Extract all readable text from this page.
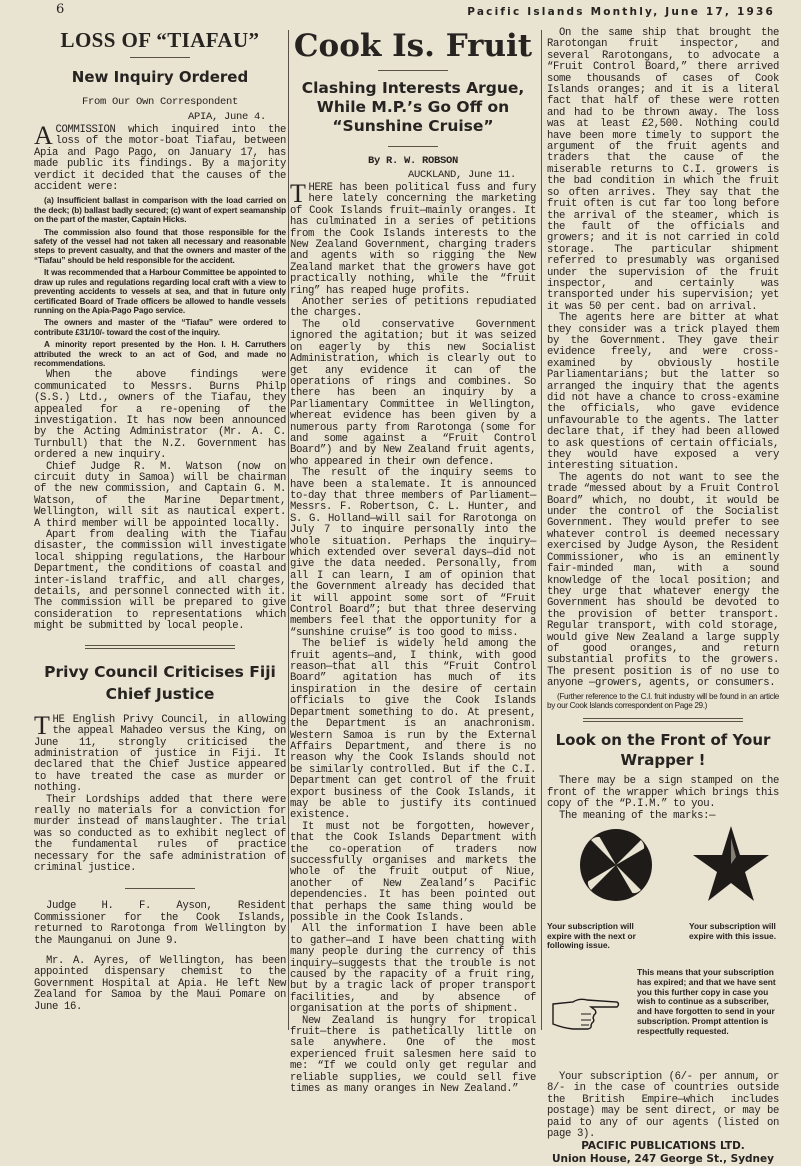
6	Pacific Islands Monthly, June 17, 1936
LOSS OF “TIAFAU”
New Inquiry Ordered
From Our Own Correspondent
APIA, June 4.

ACOMMISSION which inquired into the loss of the motor-boat Tiafau, between Apia and Pago Pago, on January 17, has made public its findings. By a majority verdict it decided that the causes of the accident were:

(a) Insufficient ballast in comparison with the load carried on the deck; (b) ballast badly secured; (c) want of expert seamanship on the part of the master, Captain Hicks.

The commission also found that those responsible for the safety of the vessel had not taken all necessary and reasonable steps to prevent casualty, and that the owners and master of the “Tiafau” should be held responsible for the accident.

It was recommended that a Harbour Committee be appointed to draw up rules and regulations regarding local craft with a view to preventing accidents to vessels at sea, and that in future only certificated Board of Trade officers be allowed to handle vessels running on the Apia-Pago Pago service.

The owners and master of the “Tiafau” were ordered to contribute £31/10/- toward the cost of the inquiry.

A minority report presented by the Hon. I. H. Carruthers attributed the wreck to an act of God, and made no recommendations.

When the above findings were communicated to Messrs. Burns Philp (S.S.) Ltd., owners of the Tiafau, they appealed for a re-opening of the investigation. It has now been announced by the Acting Administrator (Mr. A. C. Turnbull) that the N.Z. Government has ordered a new inquiry.

Chief Judge R. M. Watson (now on circuit duty in Samoa) will be chairman of the new commission, and Captain G. M. Watson, of the Marine Department, Wellington, will sit as nautical expert. A third member will be appointed locally.

Apart from dealing with the Tiafau disaster, the commission will investigate local shipping regulations, the Harbour Department, the conditions of coastal and inter-island traffic, and all charges, details, and personnel connected with it. The commission will be prepared to give consideration to representations which might be submitted by local people.

Privy Council Criticises Fiji Chief Justice

THE English Privy Council, in allowing the appeal Mahadeo versus the King, on June 11, strongly criticised the administration of justice in Fiji. It declared that the Chief Justice appeared to have treated the case as murder or nothing.

Their Lordships added that there were really no materials for a conviction for murder instead of manslaughter. The trial was so conducted as to exhibit neglect of the fundamental rules of practice necessary for the safe administration of criminal justice.

Judge H. F. Ayson, Resident Commissioner for the Cook Islands, returned to Rarotonga from Wellington by the Maunganui on June 9.

Mr. A. Ayres, of Wellington, has been appointed dispensary chemist to the Government Hospital at Apia. He left New Zealand for Samoa by the Maui Pomare on June 16.

Cook Is. Fruit
Clashing Interests Argue, While M.P.’s Go Off on “Sunshine Cruise”
By R. W. ROBSON
AUCKLAND, June 11.

THERE has been political fuss and fury here lately concerning the marketing of Cook Islands fruit—mainly oranges. It has culminated in a series of petitions from the Cook Islands interests to the New Zealand Government, charging traders and agents with so rigging the New Zealand market that the growers have got practically nothing, while the “fruit ring” has reaped huge profits.

Another series of petitions repudiated the charges.

The old conservative Government ignored the agitation; but it was seized on eagerly by this new Socialist Administration, which is clearly out to get any evidence it can of the operations of rings and combines. So there has been an inquiry by a Parliamentary Committee in Wellington, whereat evidence has been given by a numerous party from Rarotonga (some for and some against a “Fruit Control Board”) and by New Zealand fruit agents, who appeared in their own defence.

The result of the inquiry seems to have been a stalemate. It is announced to-day that three members of Parliament—Messrs. F. Robertson, C. L. Hunter, and S. G. Holland—will sail for Rarotonga on July 7 to inquire personally into the whole situation. Perhaps the inquiry—which extended over several days—did not give the data needed. Personally, from all I can learn, I am of opinion that the Government already has decided that it will appoint some sort of “Fruit Control Board”; but that three deserving members feel that the opportunity for a “sunshine cruise” is too good to miss.

The belief is widely held among the fruit agents—and, I think, with good reason—that all this “Fruit Control Board” agitation has much of its inspiration in the desire of certain officials to give the Cook Islands Department something to do. At present, the Department is an anachronism. Western Samoa is run by the External Affairs Department, and there is no reason why the Cook Islands should not be similarly controlled. But if the C.I. Department can get control of the fruit export business of the Cook Islands, it may be able to justify its continued existence.

It must not be forgotten, however, that the Cook Islands Department with the co-operation of traders now successfully organises and markets the whole of the fruit output of Niue, another of New Zealand’s Pacific dependencies. It has been pointed out that perhaps the same thing would be possible in the Cook Islands.

All the information I have been able to gather—and I have been chatting with many people during the currency of this inquiry—suggests that the trouble is not caused by the rapacity of a fruit ring, but by a tragic lack of proper transport facilities, and by absence of organisation at the ports of shipment.

New Zealand is hungry for tropical fruit—there is pathetically little on sale anywhere. One of the most experienced fruit salesmen here said to me: “If we could only get regular and reliable supplies, we could sell five times as many oranges in New Zealand.”

On the same ship that brought the Rarotongan fruit inspector, and several Rarotongans, to advocate a “Fruit Control Board,” there arrived some thousands of cases of Cook Islands oranges; and it is a literal fact that half of these were rotten and had to be thrown away. The loss was at least £2,500. Nothing could have been more timely to support the argument of the fruit agents and traders that the cause of the miserable returns to C.I. growers is the bad condition in which the fruit so often arrives. They say that the fruit often is cut far too long before the arrival of the steamer, which is the fault of the officials and growers; and it is not carried in cold storage. The particular shipment referred to presumably was organised under the supervision of the fruit inspector, and certainly was transported under his supervision; yet it was 50 per cent. bad on arrival.

The agents here are bitter at what they consider was a trick played them by the Government. They gave their evidence freely, and were cross-examined by obviously hostile Parliamentarians; but the latter so arranged the inquiry that the agents did not have a chance to cross-examine the officials, who gave evidence unfavourable to the agents. The latter declare that, if they had been allowed to ask questions of certain officials, they would have exposed a very interesting situation.

The agents do not want to see the trade “messed about by a Fruit Control Board” which, no doubt, it would be under the control of the Socialist Government. They would prefer to see whatever control is deemed necessary exercised by Judge Ayson, the Resident Commissioner, who is an eminently fair-minded man, with a sound knowledge of the local position; and they urge that whatever energy the Government has should be devoted to the provision of better transport. Regular transport, with cold storage, would give New Zealand a large supply of good oranges, and return substantial profits to the growers. The present position is of no use to anyone —growers, agents, or consumers.

(Further reference to the C.I. fruit industry will be found in an article by our Cook Islands correspondent on Page 29.)

Look on the Front of Your Wrapper !

There may be a sign stamped on the front of the wrapper which brings this copy of the “P.I.M.” to you.

The meaning of the marks:—

Your subscription will expire with the next or following issue.
Your subscription will expire with this issue.
This means that your subscription has expired; and that we have sent you this further copy in case you wish to continue as a subscriber, and have forgotten to send in your subscription. Prompt attention is respectfully requested.

Your subscription (6/- per annum, or 8/- in the case of countries outside the British Empire—which includes postage) may be sent direct, or may be paid to any of our agents (listed on page 3).

PACIFIC PUBLICATIONS LTD.
Union House, 247 George St., Sydney
